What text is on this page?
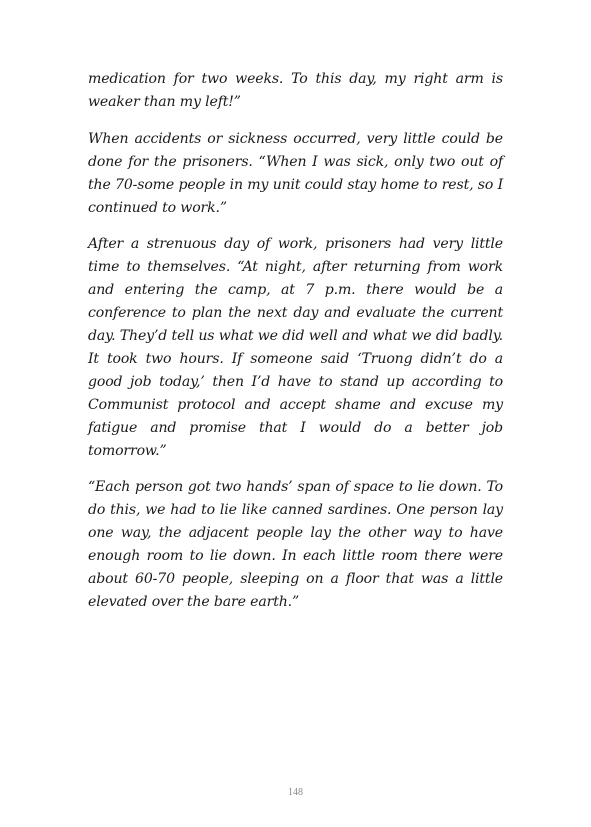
medication for two weeks. To this day, my right arm is weaker than my left!”

When accidents or sickness occurred, very little could be done for the prisoners. “When I was sick, only two out of the 70-some people in my unit could stay home to rest, so I continued to work.”

After a strenuous day of work, prisoners had very little time to themselves. “At night, after returning from work and entering the camp, at 7 p.m. there would be a conference to plan the next day and evaluate the current day. They’d tell us what we did well and what we did badly. It took two hours. If someone said ‘Truong didn’t do a good job today,’ then I’d have to stand up according to Communist protocol and accept shame and excuse my fatigue and promise that I would do a better job tomorrow.”

“Each person got two hands’ span of space to lie down. To do this, we had to lie like canned sardines. One person lay one way, the adjacent people lay the other way to have enough room to lie down. In each little room there were about 60-70 people, sleeping on a floor that was a little elevated over the bare earth.”

148
